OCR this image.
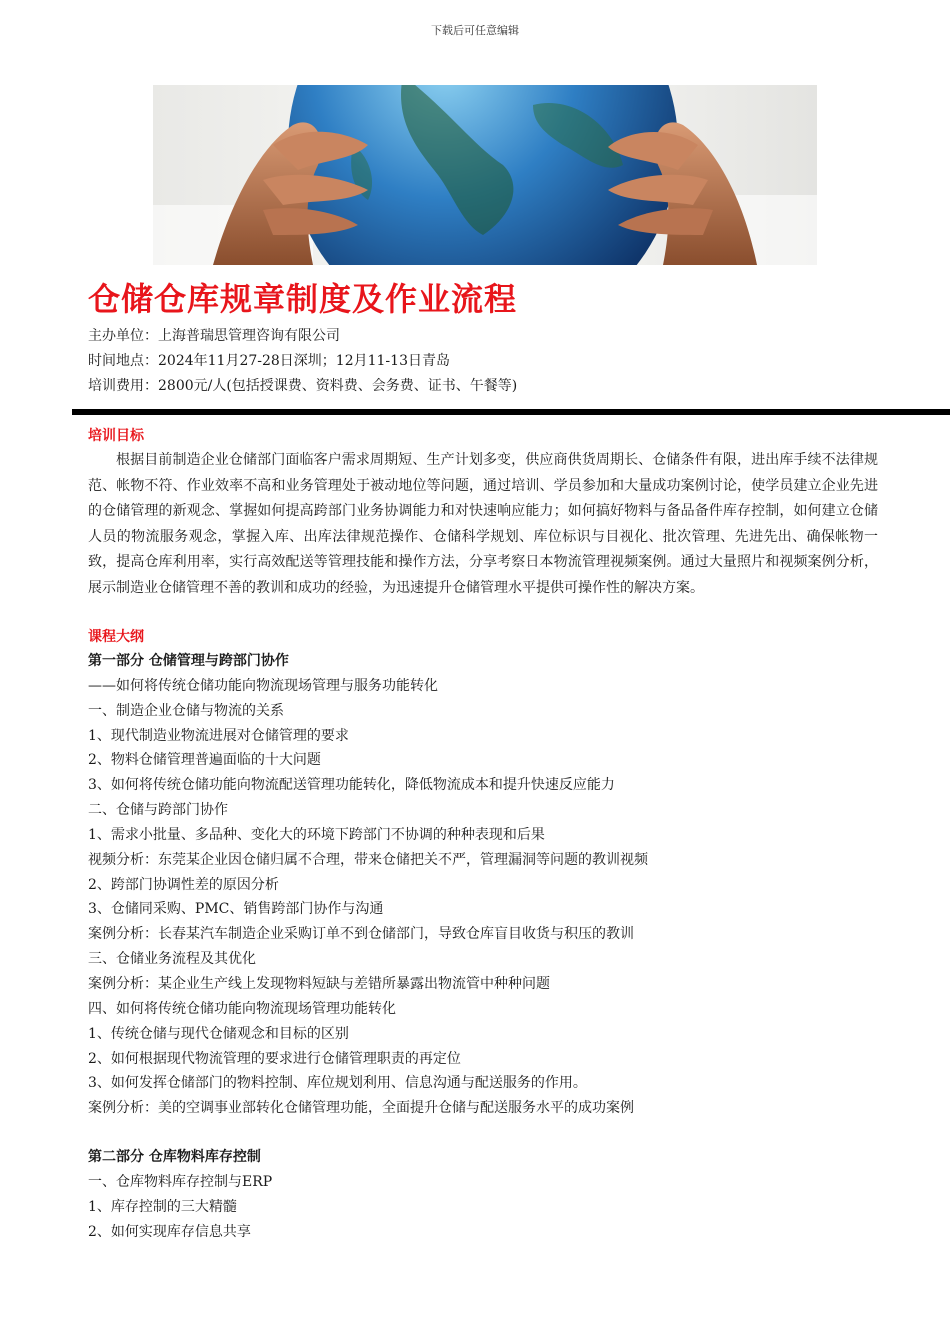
下载后可任意编辑
仓储仓库规章制度及作业流程
主办单位：上海普瑞思管理咨询有限公司
时间地点：2024年11月27-28日深圳；12月11-13日青岛
培训费用：2800元/人(包括授课费、资料费、会务费、证书、午餐等)
培训目标

根据目前制造企业仓储部门面临客户需求周期短、生产计划多变，供应商供货周期长、仓储条件有限，进出库手续不法律规范、帐物不符、作业效率不高和业务管理处于被动地位等问题，通过培训、学员参加和大量成功案例讨论，使学员建立企业先进的仓储管理的新观念、掌握如何提高跨部门业务协调能力和对快速响应能力；如何搞好物料与备品备件库存控制，如何建立仓储人员的物流服务观念，掌握入库、出库法律规范操作、仓储科学规划、库位标识与目视化、批次管理、先进先出、确保帐物一致，提高仓库利用率，实行高效配送等管理技能和操作方法，分享考察日本物流管理视频案例。通过大量照片和视频案例分析，展示制造业仓储管理不善的教训和成功的经验，为迅速提升仓储管理水平提供可操作性的解决方案。

课程大纲
第一部分 仓储管理与跨部门协作
——如何将传统仓储功能向物流现场管理与服务功能转化
一、制造企业仓储与物流的关系
1、现代制造业物流进展对仓储管理的要求
2、物料仓储管理普遍面临的十大问题
3、如何将传统仓储功能向物流配送管理功能转化，降低物流成本和提升快速反应能力
二、仓储与跨部门协作
1、需求小批量、多品种、变化大的环境下跨部门不协调的种种表现和后果
视频分析：东莞某企业因仓储归属不合理，带来仓储把关不严，管理漏洞等问题的教训视频
2、跨部门协调性差的原因分析
3、仓储同采购、PMC、销售跨部门协作与沟通
案例分析：长春某汽车制造企业采购订单不到仓储部门，导致仓库盲目收货与积压的教训
三、仓储业务流程及其优化
案例分析：某企业生产线上发现物料短缺与差错所暴露出物流管中种种问题
四、如何将传统仓储功能向物流现场管理功能转化
1、传统仓储与现代仓储观念和目标的区别
2、如何根据现代物流管理的要求进行仓储管理职责的再定位
3、如何发挥仓储部门的物料控制、库位规划利用、信息沟通与配送服务的作用。
案例分析：美的空调事业部转化仓储管理功能，全面提升仓储与配送服务水平的成功案例
第二部分 仓库物料库存控制
一、仓库物料库存控制与ERP
1、库存控制的三大精髓
2、如何实现库存信息共享
